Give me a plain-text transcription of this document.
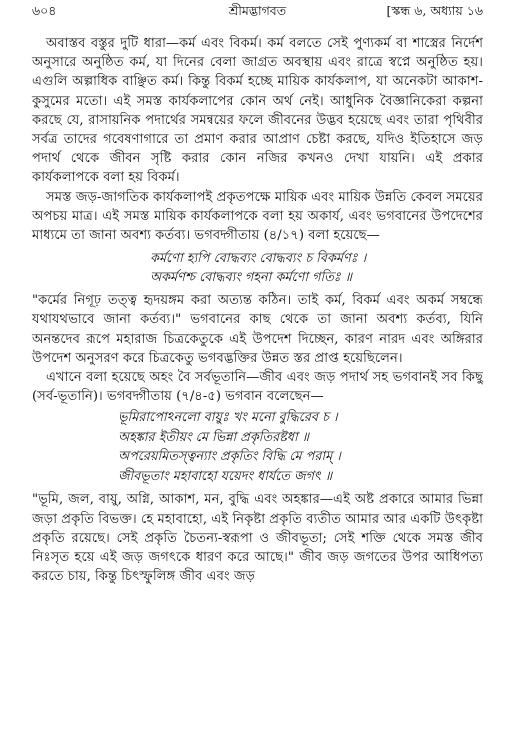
৬০৪	শ্রীমদ্ভাগবত	[স্কন্ধ ৬, অধ্যায় ১৬

অবাস্তব বস্তুর দুটি ধারা—কর্ম এবং বিকর্ম। কর্ম বলতে সেই পুণ্যকর্ম বা শাস্ত্রের নির্দেশ অনুসারে অনুষ্ঠিত কর্ম, যা দিনের বেলা জাগ্রত অবস্থায় এবং রাত্রে স্বপ্নে অনুষ্ঠিত হয়। এগুলি অল্পাধিক বাঞ্ছিত কর্ম। কিন্তু বিকর্ম হচ্ছে মায়িক কার্যকলাপ, যা অনেকটা আকাশ-কুসুমের মতো। এই সমস্ত কার্যকলাপের কোন অর্থ নেই। আধুনিক বৈজ্ঞানিকেরা কল্পনা করছে যে, রাসায়নিক পদার্থের সমন্বয়ের ফলে জীবনের উদ্ভব হয়েছে এবং তারা পৃথিবীর সর্বত্র তাদের গবেষণাগারে তা প্রমাণ করার আপ্রাণ চেষ্টা করছে, যদিও ইতিহাসে জড় পদার্থ থেকে জীবন সৃষ্টি করার কোন নজির কখনও দেখা যায়নি। এই প্রকার কার্যকলাপকে বলা হয় বিকর্ম।

সমস্ত জড়-জাগতিক কার্যকলাপই প্রকৃতপক্ষে মায়িক এবং মায়িক উন্নতি কেবল সময়ের অপচয় মাত্র। এই সমস্ত মায়িক কার্যকলাপকে বলা হয় অকার্য, এবং ভগবানের উপদেশের মাধ্যমে তা জানা অবশ্য কর্তব্য। ভগবদ্গীতায় (৪/১৭) বলা হয়েছে—

কর্মণো হ্যপি বোদ্ধব্যং বোদ্ধব্যং চ বিকর্মণঃ ।
অকর্মণশ্চ বোদ্ধব্যং গহনা কর্মণো গতিঃ ॥

"কর্মের নিগূঢ় তত্ত্ব হৃদয়ঙ্গম করা অত্যন্ত কঠিন। তাই কর্ম, বিকর্ম এবং অকর্ম সম্বন্ধে যথাযথভাবে জানা কর্তব্য।" ভগবানের কাছ থেকে তা জানা অবশ্য কর্তব্য, যিনি অনন্তদেব রূপে মহারাজ চিত্রকেতুকে এই উপদেশ দিচ্ছেন, কারণ নারদ এবং অঙ্গিরার উপদেশ অনুসরণ করে চিত্রকেতু ভগবদ্ভক্তির উন্নত স্তর প্রাপ্ত হয়েছিলেন।

এখানে বলা হয়েছে অহং বৈ সর্বভূতানি—জীব এবং জড় পদার্থ সহ ভগবানই সব কিছু (সর্ব-ভূতানি)। ভগবদ্গীতায় (৭/৪-৫) ভগবান বলেছেন—

ভূমিরাপোঽনলো বায়ুঃ খং মনো বুদ্ধিরেব চ ।
অহঙ্কার ইতীয়ং মে ভিন্না প্রকৃতিরষ্টধা ॥
অপরেয়মিতস্ত্বন্যাং প্রকৃতিং বিদ্ধি মে পরাম্ ।
জীবভূতাং মহাবাহো যয়েদং ধার্যতে জগৎ ॥

"ভূমি, জল, বায়ু, অগ্নি, আকাশ, মন, বুদ্ধি এবং অহঙ্কার—এই অষ্ট প্রকারে আমার ভিন্না জড়া প্রকৃতি বিভক্ত। হে মহাবাহো, এই নিকৃষ্টা প্রকৃতি ব্যতীত আমার আর একটি উৎকৃষ্টা প্রকৃতি রয়েছে। সেই প্রকৃতি চৈতন্য-স্বরূপা ও জীবভূতা; সেই শক্তি থেকে সমস্ত জীব নিঃসৃত হয়ে এই জড় জগৎকে ধারণ করে আছে।" জীব জড় জগতের উপর আধিপত্য করতে চায়, কিন্তু চিৎস্ফুলিঙ্গ জীব এবং জড়
